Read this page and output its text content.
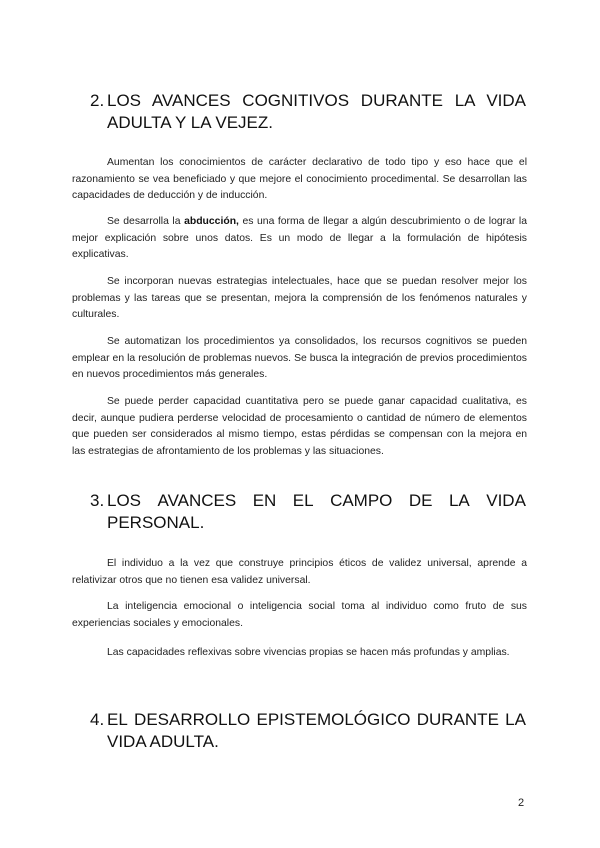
2. LOS AVANCES COGNITIVOS DURANTE LA VIDA ADULTA Y LA VEJEZ.

Aumentan los conocimientos de carácter declarativo de todo tipo y eso hace que el razonamiento se vea beneficiado y que mejore el conocimiento procedimental. Se desarrollan las capacidades de deducción y de inducción.

Se desarrolla la abducción, es una forma de llegar a algún descubrimiento o de lograr la mejor explicación sobre unos datos. Es un modo de llegar a la formulación de hipótesis explicativas.

Se incorporan nuevas estrategias intelectuales, hace que se puedan resolver mejor los problemas y las tareas que se presentan, mejora la comprensión de los fenómenos naturales y culturales.

Se automatizan los procedimientos ya consolidados, los recursos cognitivos se pueden emplear en la resolución de problemas nuevos. Se busca la integración de previos procedimientos en nuevos procedimientos más generales.

Se puede perder capacidad cuantitativa pero se puede ganar capacidad cualitativa, es decir, aunque pudiera perderse velocidad de procesamiento o cantidad de número de elementos que pueden ser considerados al mismo tiempo, estas pérdidas se compensan con la mejora en las estrategias de afrontamiento de los problemas y las situaciones.

3. LOS AVANCES EN EL CAMPO DE LA VIDA
PERSONAL.

El individuo a la vez que construye principios éticos de validez universal, aprende a relativizar otros que no tienen esa validez universal.

La inteligencia emocional o inteligencia social toma al individuo como fruto de sus experiencias sociales y emocionales.

Las capacidades reflexivas sobre vivencias propias se hacen más profundas y amplias.

4. EL DESARROLLO EPISTEMOLÓGICO DURANTE LA
VIDA ADULTA.
2
